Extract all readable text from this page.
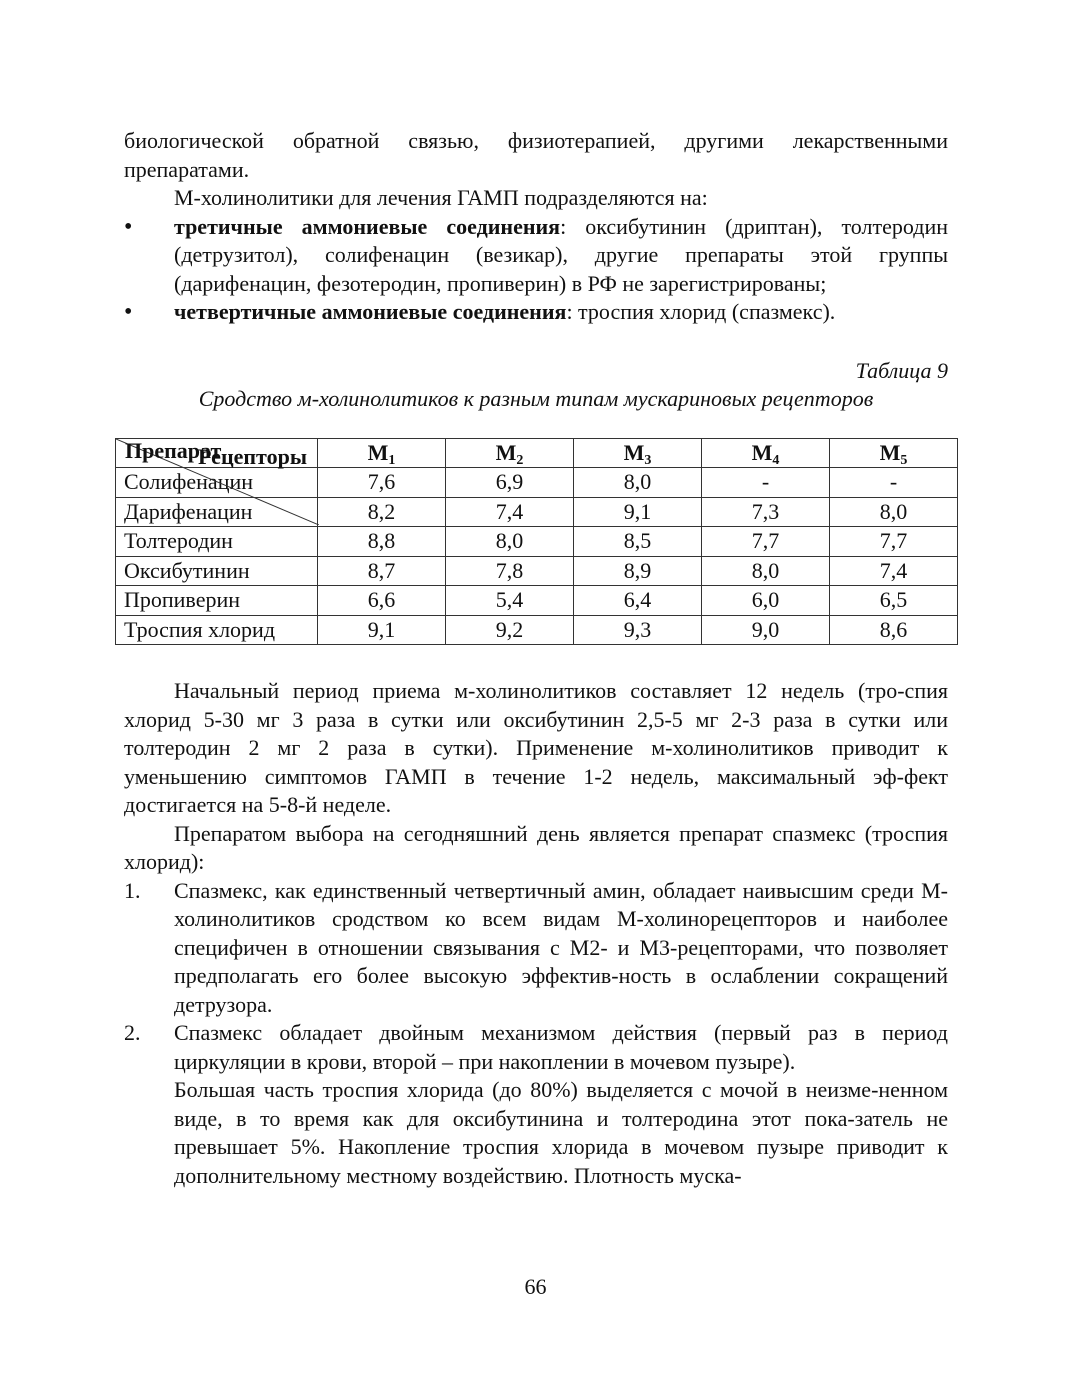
биологической обратной связью, физиотерапией, другими лекарственными препаратами.

М-холинолитики для лечения ГАМП подразделяются на:

•
третичные аммониевые соединения: оксибутинин (дриптан), толтеродин (детрузитол), солифенацин (везикар), другие препараты этой группы (дарифенацин, фезотеродин, пропиверин) в РФ не зарегистрированы;
•
четвертичные аммониевые соединения: троспия хлорид (спазмекс).

Таблица 9

Сродство м-холинолитиков к разным типам мускариновых рецепторов

Рецепторы
Препарат	$M_1$	$M_2$	$M_3$	$M_4$	$M_5$
Солифенацин	7,6	6,9	8,0	-	-
Дарифенацин	8,2	7,4	9,1	7,3	8,0
Толтеродин	8,8	8,0	8,5	7,7	7,7
Оксибутинин	8,7	7,8	8,9	8,0	7,4
Пропиверин	6,6	5,4	6,4	6,0	6,5
Троспия хлорид	9,1	9,2	9,3	9,0	8,6

Начальный период приема м-холинолитиков составляет 12 недель (тро-спия хлорид 5-30 мг 3 раза в сутки или оксибутинин 2,5-5 мг 2-3 раза в сутки или толтеродин 2 мг 2 раза в сутки). Применение м-холинолитиков приводит к уменьшению симптомов ГАМП в течение 1-2 недель, максимальный эф-фект достигается на 5-8-й неделе.

Препаратом выбора на сегодняшний день является препарат спазмекс (троспия хлорид):

1. Спазмекс, как единственный четвертичный амин, обладает наивысшим среди М-холинолитиков сродством ко всем видам М-холинорецепторов и наиболее специфичен в отношении связывания с М2- и М3-рецепторами, что позволяет предполагать его более высокую эффектив-ность в ослаблении сокращений детрузора.
2. Спазмекс обладает двойным механизмом действия (первый раз в период циркуляции в крови, второй – при накоплении в мочевом пузыре).

Большая часть троспия хлорида (до 80%) выделяется с мочой в неизме-ненном виде, в то время как для оксибутинина и толтеродина этот пока-затель не превышает 5%. Накопление троспия хлорида в мочевом пузыре приводит к дополнительному местному воздействию. Плотность муска-

66
